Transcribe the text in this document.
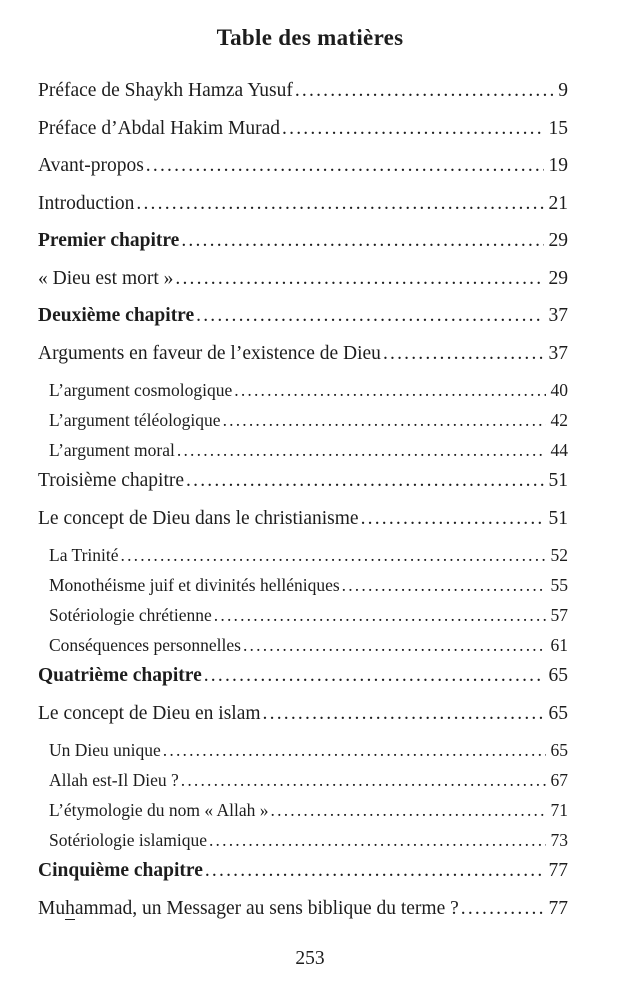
Table des matières
Préface de Shaykh Hamza Yusuf .....	9
Préface d’Abdal Hakim Murad .....	15
Avant-propos .....	19
Introduction .....	21
Premier chapitre .....	29
« Dieu est mort » .....	29
Deuxième chapitre .....	37
Arguments en faveur de l’existence de Dieu .....	37
L’argument cosmologique .....	40
L’argument téléologique .....	42
L’argument moral .....	44
Troisième chapitre .....	51
Le concept de Dieu dans le christianisme .....	51
La Trinité .....	52
Monothéisme juif et divinités helléniques .....	55
Sotériologie chrétienne .....	57
Conséquences personnelles .....	61
Quatrième chapitre .....	65
Le concept de Dieu en islam .....	65
Un Dieu unique .....	65
Allah est-Il Dieu ? .....	67
L’étymologie du nom « Allah » .....	71
Sotériologie islamique .....	73
Cinquième chapitre .....	77
Muhammad, un Messager au sens biblique du terme ? .....	77
253
